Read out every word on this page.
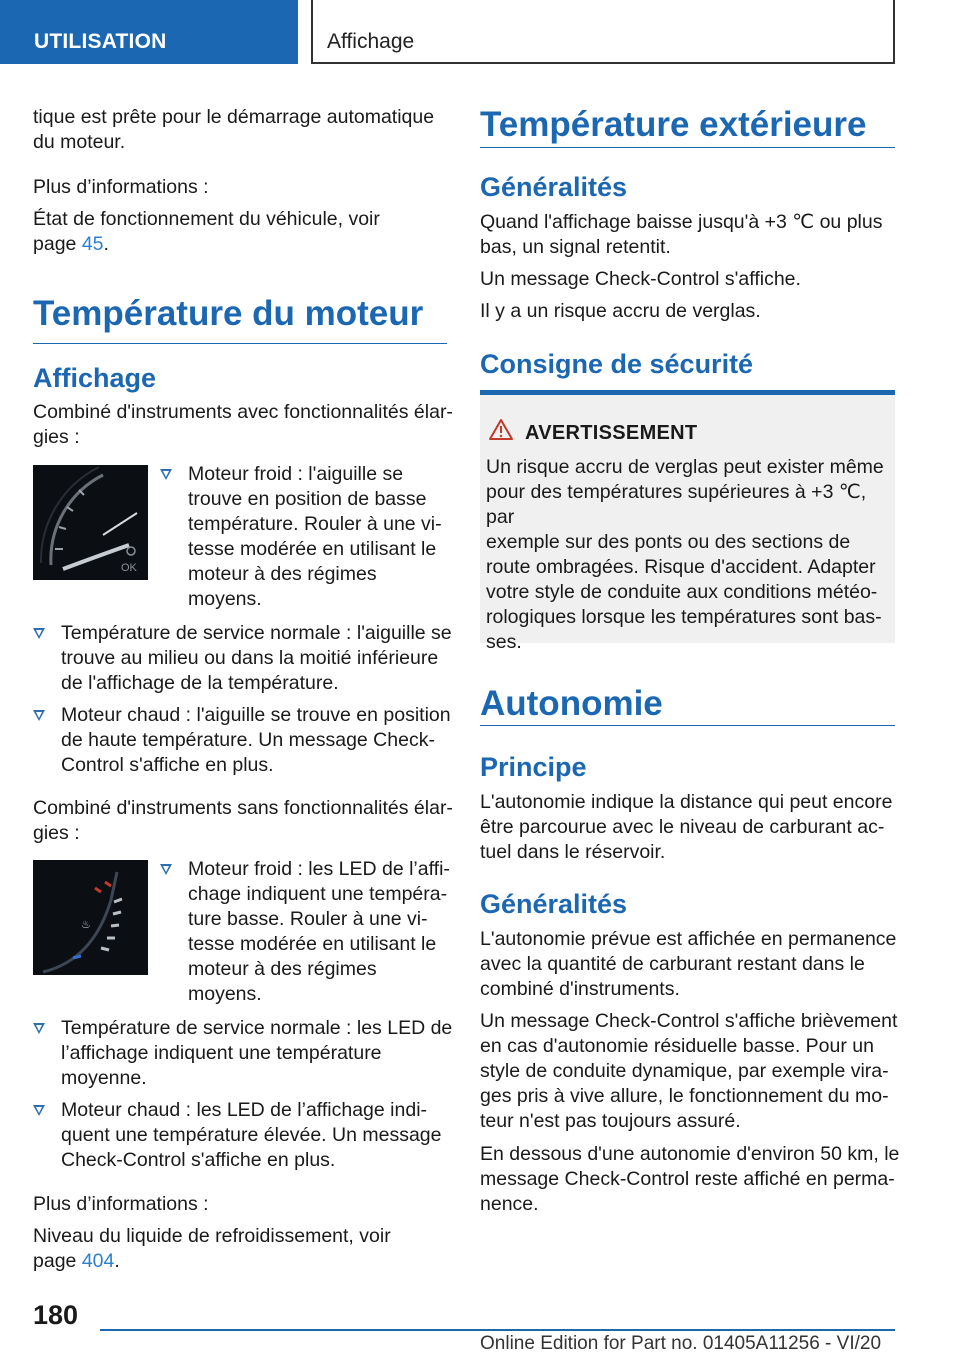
UTILISATION	Affichage

tique est prête pour le démarrage automatique

du moteur.

Plus d’informations :

État de fonctionnement du véhicule, voir

page 45.

Température du moteur
Affichage

Combiné d'instruments avec fonctionnalités élar-

gies :

OK
Moteur froid : l'aiguille se
trouve en position de basse
température. Rouler à une vi-
tesse modérée en utilisant le
moteur à des régimes
moyens.
Température de service normale : l'aiguille se
trouve au milieu ou dans la moitié inférieure
de l'affichage de la température.
Moteur chaud : l'aiguille se trouve en position
de haute température. Un message Check-
Control s'affiche en plus.

Combiné d'instruments sans fonctionnalités élar-

gies :

♨
Moteur froid : les LED de l’affi-
chage indiquent une tempéra-
ture basse. Rouler à une vi-
tesse modérée en utilisant le
moteur à des régimes
moyens.
Température de service normale : les LED de
l’affichage indiquent une température
moyenne.
Moteur chaud : les LED de l’affichage indi-
quent une température élevée. Un message
Check-Control s'affiche en plus.

Plus d’informations :

Niveau du liquide de refroidissement, voir

page 404.

Température extérieure
Généralités

Quand l'affichage baisse jusqu'à +3 ℃ ou plus

bas, un signal retentit.

Un message Check-Control s'affiche.

Il y a un risque accru de verglas.

Consigne de sécurité
AVERTISSEMENT
Un risque accru de verglas peut exister même
pour des températures supérieures à +3 ℃, par
exemple sur des ponts ou des sections de
route ombragées. Risque d'accident. Adapter
votre style de conduite aux conditions météo-
rologiques lorsque les températures sont bas-
ses.
Autonomie
Principe
L'autonomie indique la distance qui peut encore
être parcourue avec le niveau de carburant ac-
tuel dans le réservoir.
Généralités
L'autonomie prévue est affichée en permanence
avec la quantité de carburant restant dans le
combiné d'instruments.
Un message Check-Control s'affiche brièvement
en cas d'autonomie résiduelle basse. Pour un
style de conduite dynamique, par exemple vira-
ges pris à vive allure, le fonctionnement du mo-
teur n'est pas toujours assuré.
En dessous d'une autonomie d'environ 50 km, le
message Check-Control reste affiché en perma-
nence.
180
Online Edition for Part no. 01405A11256 - VI/20
